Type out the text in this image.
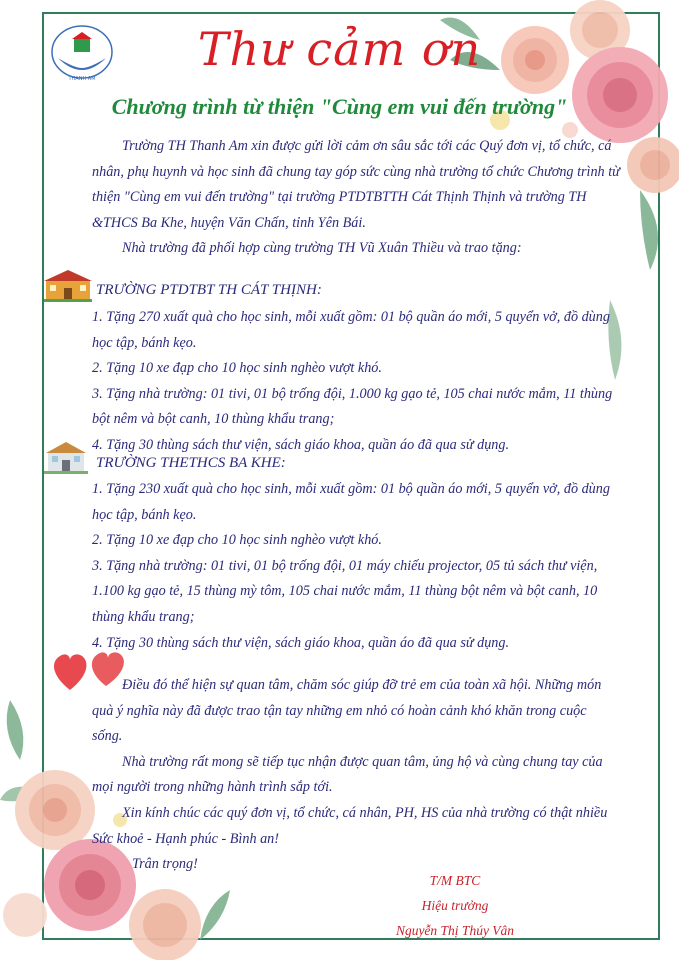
THANH AM
Thư cảm ơn
Chương trình từ thiện "Cùng em vui đến trường"

Trường TH Thanh Am xin được gửi lời cảm ơn sâu sắc tới các Quý đơn vị, tổ chức, cá nhân, phụ huynh và học sinh đã chung tay góp sức cùng nhà trường tổ chức Chương trình từ thiện "Cùng em vui đến trường" tại trường PTDTBTTH Cát Thịnh Thịnh và trường TH &THCS Ba Khe, huyện Văn Chấn, tỉnh Yên Bái.

Nhà trường đã phối hợp cùng trường TH Vũ Xuân Thiều và trao tặng:

TRƯỜNG PTDTBT TH CÁT THỊNH:
1. Tặng 270 xuất quà cho học sinh, mỗi xuất gồm: 01 bộ quần áo mới, 5 quyển vở, đồ dùng học tập, bánh kẹo.
2. Tặng 10 xe đạp cho 10 học sinh nghèo vượt khó.
3. Tặng nhà trường: 01 tivi, 01 bộ trống đội, 1.000 kg gạo tẻ, 105 chai nước mắm, 11 thùng bột nêm và bột canh, 10 thùng khẩu trang;
4. Tặng 30 thùng sách thư viện, sách giáo khoa, quần áo đã qua sử dụng.
TRƯỜNG THETHCS BA KHE:
1. Tặng 230 xuất quà cho học sinh, mỗi xuất gồm: 01 bộ quần áo mới, 5 quyển vở, đồ dùng học tập, bánh kẹo.
2. Tặng 10 xe đạp cho 10 học sinh nghèo vượt khó.
3. Tặng nhà trường: 01 tivi, 01 bộ trống đội, 01 máy chiếu projector, 05 tủ sách thư viện, 1.100 kg gạo tẻ, 15 thùng mỳ tôm, 105 chai nước mắm, 11 thùng bột nêm và bột canh, 10 thùng khẩu trang;
4. Tặng 30 thùng sách thư viện, sách giáo khoa, quần áo đã qua sử dụng.

Điều đó thể hiện sự quan tâm, chăm sóc giúp đỡ trẻ em của toàn xã hội. Những món quà ý nghĩa này đã được trao tận tay những em nhỏ có hoàn cảnh khó khăn trong cuộc sống.

Nhà trường rất mong sẽ tiếp tục nhận được quan tâm, ủng hộ và cùng chung tay của mọi người trong những hành trình sắp tới.

Xin kính chúc các quý đơn vị, tổ chức, cá nhân, PH, HS của nhà trường có thật nhiều Sức khoẻ - Hạnh phúc - Bình an!

Trân trọng!

T/M BTC
Hiệu trưởng
Nguyễn Thị Thúy Vân
